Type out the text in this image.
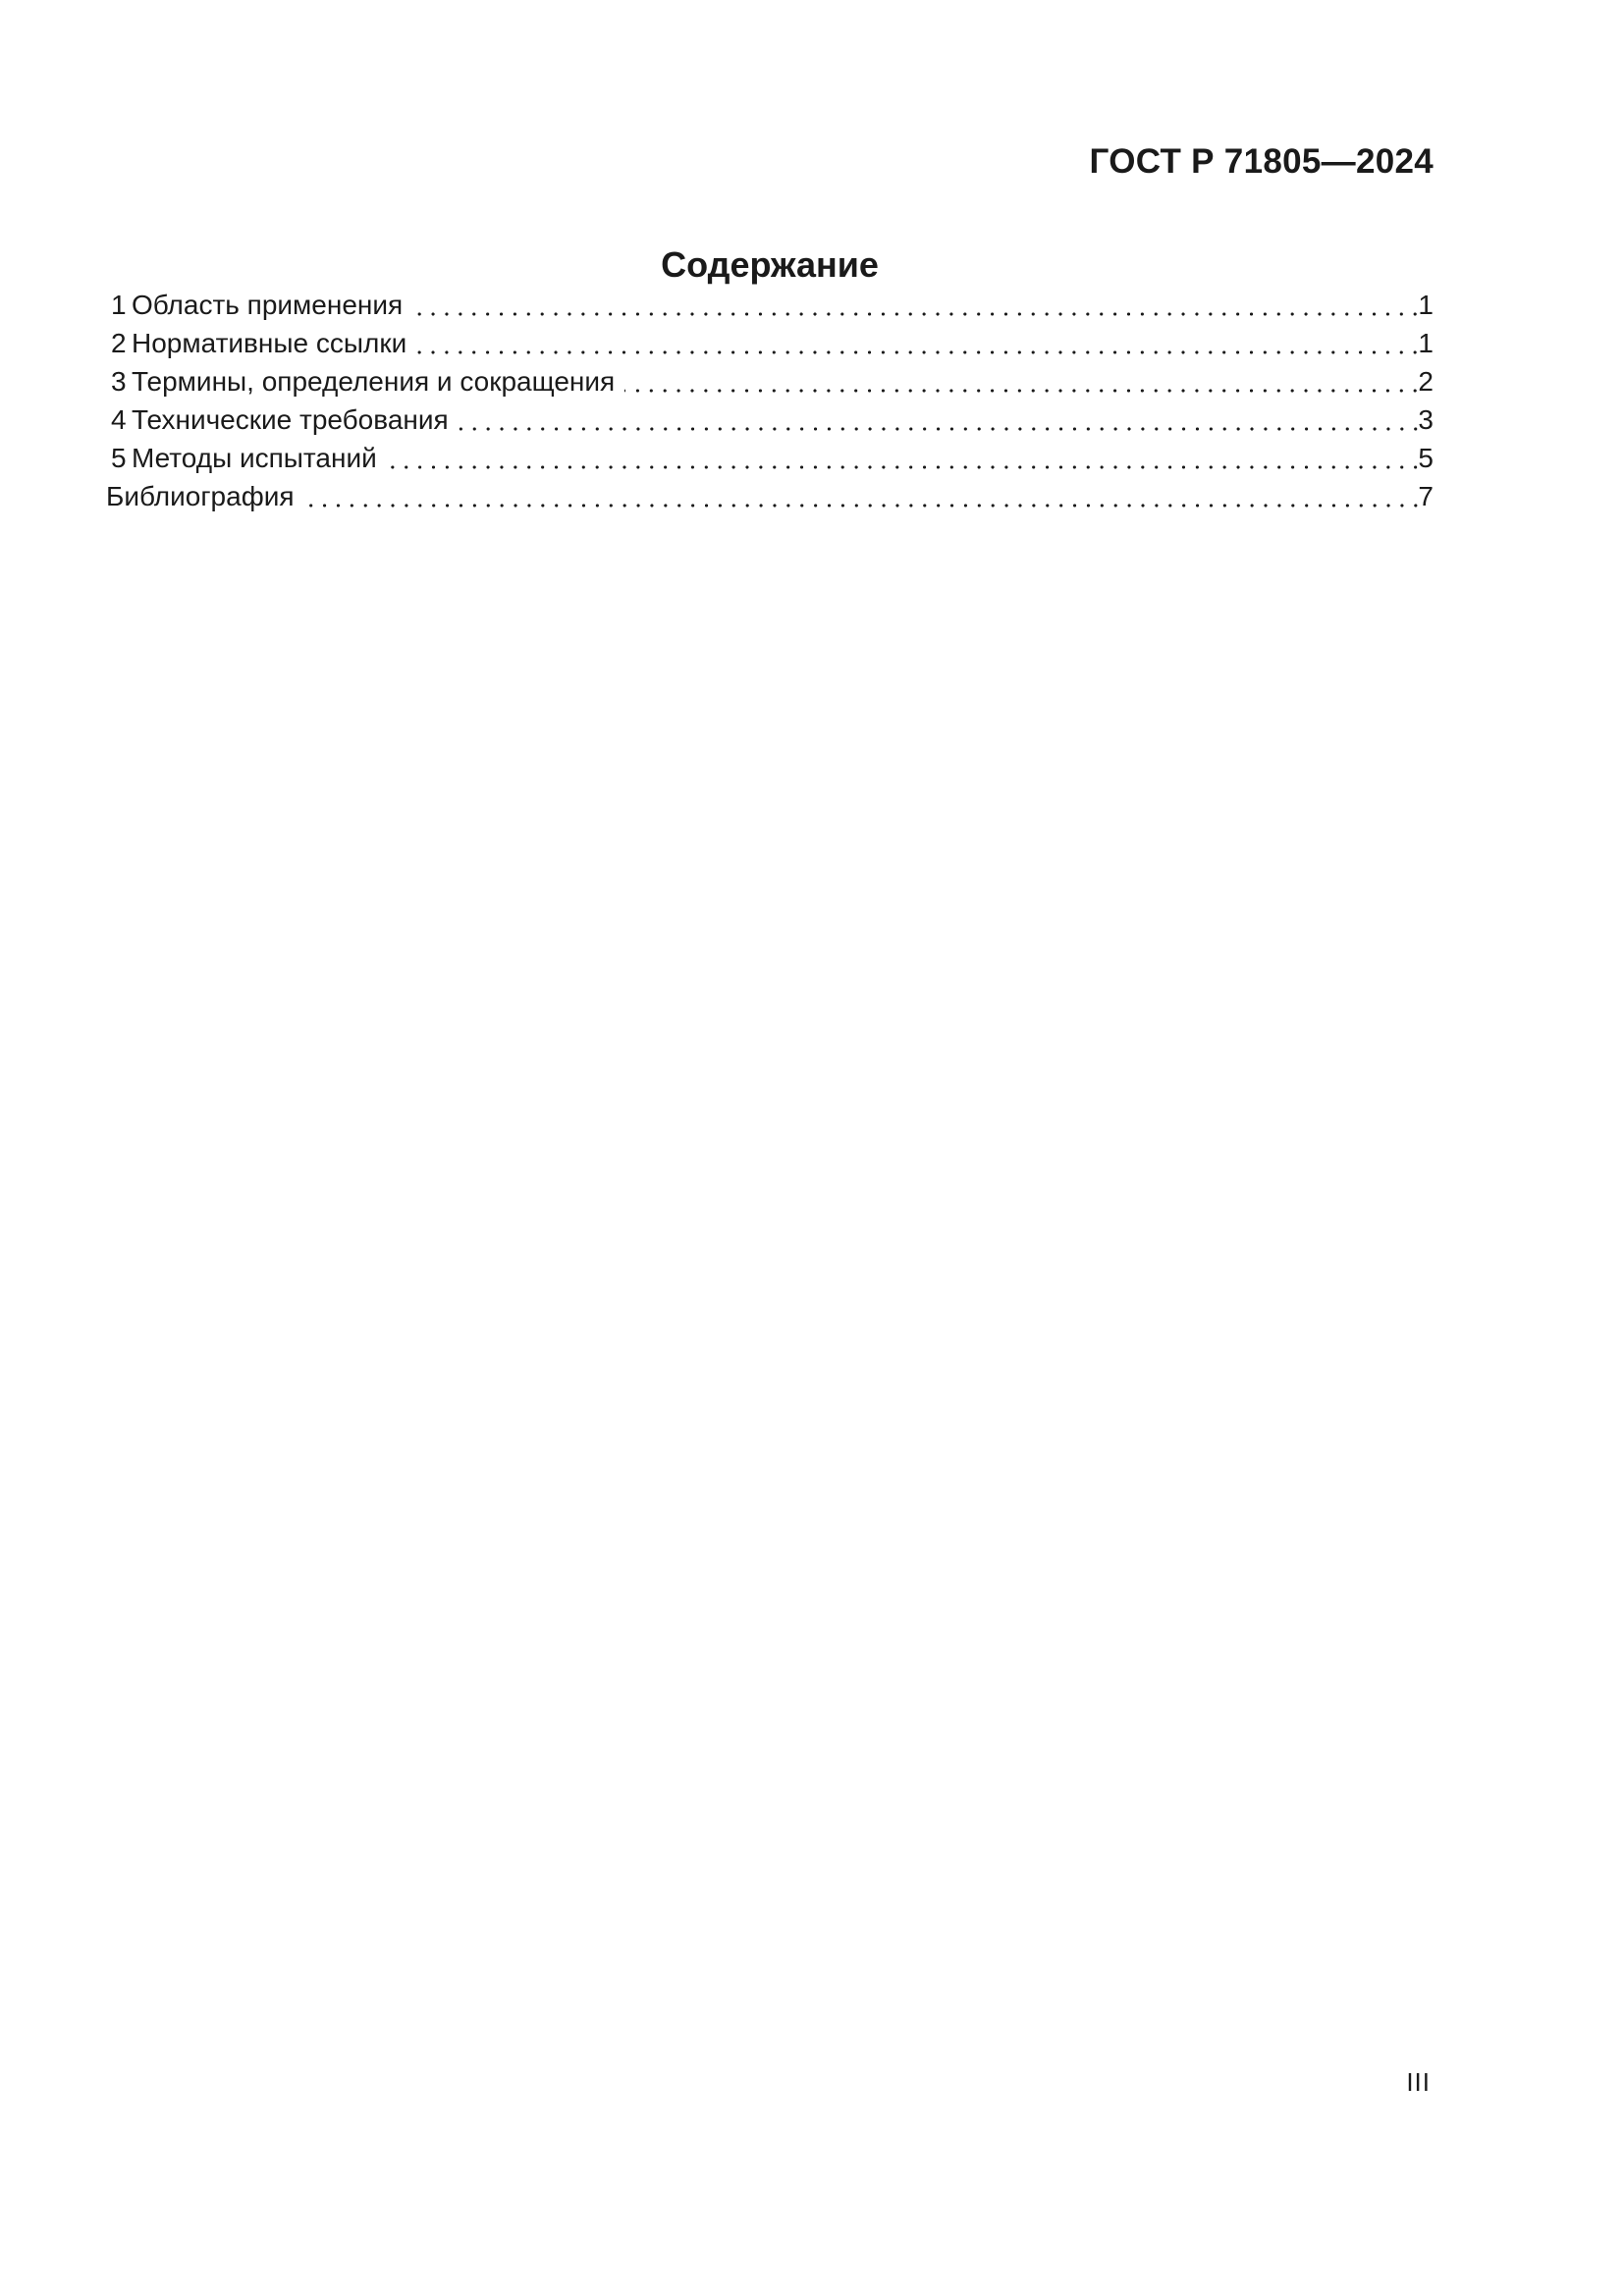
ГОСТ Р 71805—2024
Содержание
1 Область применения	1
2 Нормативные ссылки	1
3 Термины, определения и сокращения	2
4 Технические требования	3
5 Методы испытаний	5
Библиография	7
III
